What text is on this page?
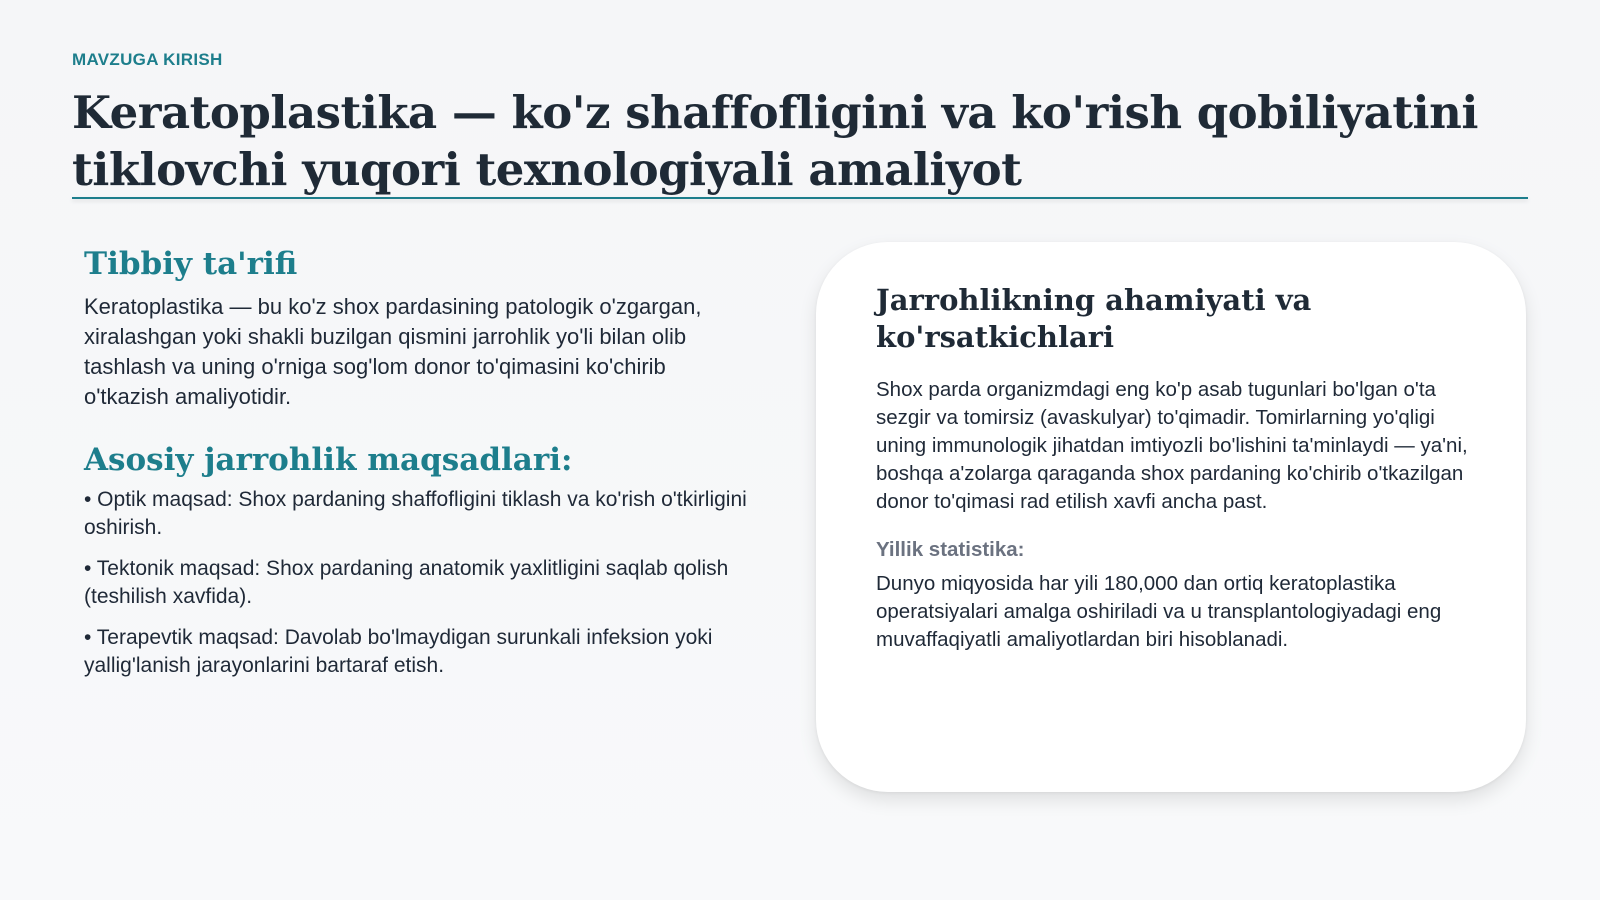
MAVZUGA KIRISH
Keratoplastika — ko'z shaffofligini va ko'rish qobiliyatini tiklovchi yuqori texnologiyali amaliyot
Tibbiy ta'rifi

Keratoplastika — bu ko'z shox pardasining patologik o'zgargan, xiralashgan yoki shakli buzilgan qismini jarrohlik yo'li bilan olib tashlash va uning o'rniga sog'lom donor to'qimasini ko'chirib o'tkazish amaliyotidir.

Asosiy jarrohlik maqsadlari:
• Optik maqsad: Shox pardaning shaffofligini tiklash va ko'rish o'tkirligini oshirish.
• Tektonik maqsad: Shox pardaning anatomik yaxlitligini saqlab qolish (teshilish xavfida).
• Terapevtik maqsad: Davolab bo'lmaydigan surunkali infeksion yoki yallig'lanish jarayonlarini bartaraf etish.
Jarrohlikning ahamiyati va ko'rsatkichlari

Shox parda organizmdagi eng ko'p asab tugunlari bo'lgan o'ta sezgir va tomirsiz (avaskulyar) to'qimadir. Tomirlarning yo'qligi uning immunologik jihatdan imtiyozli bo'lishini ta'minlaydi — ya'ni, boshqa a'zolarga qaraganda shox pardaning ko'chirib o'tkazilgan donor to'qimasi rad etilish xavfi ancha past.

Yillik statistika:

Dunyo miqyosida har yili 180,000 dan ortiq keratoplastika operatsiyalari amalga oshiriladi va u transplantologiyadagi eng muvaffaqiyatli amaliyotlardan biri hisoblanadi.
